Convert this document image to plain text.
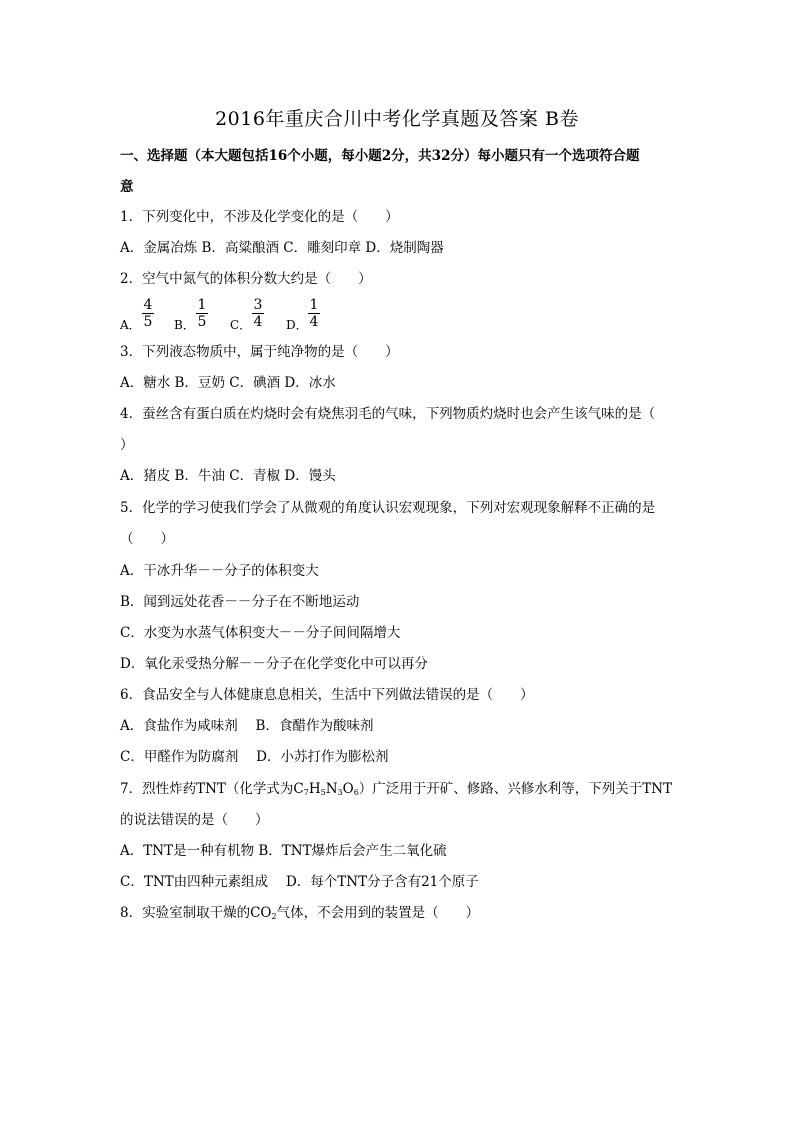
2016年重庆合川中考化学真题及答案 B卷
一、选择题（本大题包括16个小题，每小题2分，共32分）每小题只有一个选项符合题
意
1．下列变化中，不涉及化学变化的是（　　）
A．金属冶炼 B．高粱酿酒 C．雕刻印章 D．烧制陶器
2．空气中氮气的体积分数大约是（　　）
A．
4
5 B．
1
5 C．
3
4 D．
1
4
3．下列液态物质中，属于纯净物的是（　　）
A．糖水 B．豆奶 C．碘酒 D．冰水
4．蚕丝含有蛋白质在灼烧时会有烧焦羽毛的气味，下列物质灼烧时也会产生该气味的是（
）
A．猪皮 B．牛油 C．青椒 D．馒头
5．化学的学习使我们学会了从微观的角度认识宏观现象，下列对宏观现象解释不正确的是
（　　）
A．干冰升华－－分子的体积变大
B．闻到远处花香－－分子在不断地运动
C．水变为水蒸气体积变大－－分子间间隔增大
D．氧化汞受热分解－－分子在化学变化中可以再分
6．食品安全与人体健康息息相关，生活中下列做法错误的是（　　）
A．食盐作为咸味剂　 B．食醋作为酸味剂
C．甲醛作为防腐剂　 D．小苏打作为膨松剂
7．烈性炸药TNT（化学式为$C_7H_5N_3O_6$）广泛用于开矿、修路、兴修水利等，下列关于TNT
的说法错误的是（　　）
A．TNT是一种有机物 B．TNT爆炸后会产生二氧化硫
C．TNT由四种元素组成　 D．每个TNT分子含有21个原子
8．实验室制取干燥的$CO_2$气体，不会用到的装置是（　　）
